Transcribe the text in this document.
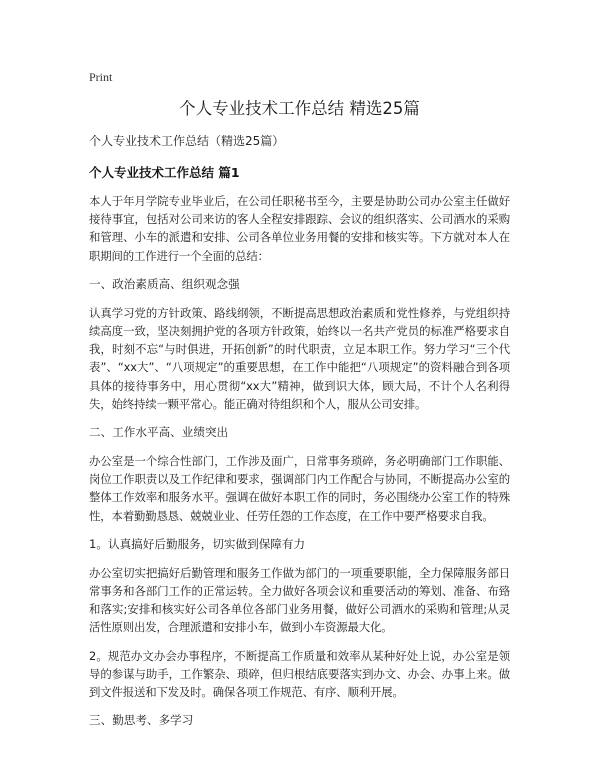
Print
个人专业技术工作总结 精选25篇
个人专业技术工作总结（精选25篇）
个人专业技术工作总结 篇1

本人于年月学院专业毕业后，在公司任职秘书至今，主要是协助公司办公室主任做好接待事宜，包括对公司来访的客人全程安排跟踪、会议的组织落实、公司酒水的采购和管理、小车的派遣和安排、公司各单位业务用餐的安排和核实等。下方就对本人在职期间的工作进行一个全面的总结：

一、政治素质高、组织观念强

认真学习党的方针政策、路线纲领，不断提高思想政治素质和党性修养，与党组织持续高度一致，坚决刻拥护党的各项方针政策，始终以一名共产党员的标准严格要求自我，时刻不忘“与时俱进，开拓创新”的时代职责，立足本职工作。努力学习“三个代表”、“xx大”、“八项规定”的重要思想，在工作中能把“八项规定”的资料融合到各项具体的接待事务中，用心贯彻“xx大”精神，做到识大体，顾大局，不计个人名利得失，始终持续一颗平常心。能正确对待组织和个人，服从公司安排。

二、工作水平高、业绩突出

办公室是一个综合性部门，工作涉及面广，日常事务琐碎，务必明确部门工作职能、岗位工作职责以及工作纪律和要求，强调部门内工作配合与协同，不断提高办公室的整体工作效率和服务水平。强调在做好本职工作的同时，务必围绕办公室工作的特殊性，本着勤勤恳恳、兢兢业业、任劳任怨的工作态度，在工作中要严格要求自我。

1。认真搞好后勤服务，切实做到保障有力

办公室切实把搞好后勤管理和服务工作做为部门的一项重要职能，全力保障服务部日常事务和各部门工作的正常运转。全力做好各项会议和重要活动的筹划、准备、布臵和落实;安排和核实好公司各单位各部门业务用餐，做好公司酒水的采购和管理;从灵活性原则出发，合理派遣和安排小车，做到小车资源最大化。

2。规范办文办会办事程序，不断提高工作质量和效率从某种好处上说，办公室是领导的参谋与助手，工作繁杂、琐碎，但归根结底要落实到办文、办会、办事上来。做到文件报送和下发及时。确保各项工作规范、有序、顺利开展。

三、勤思考、多学习
